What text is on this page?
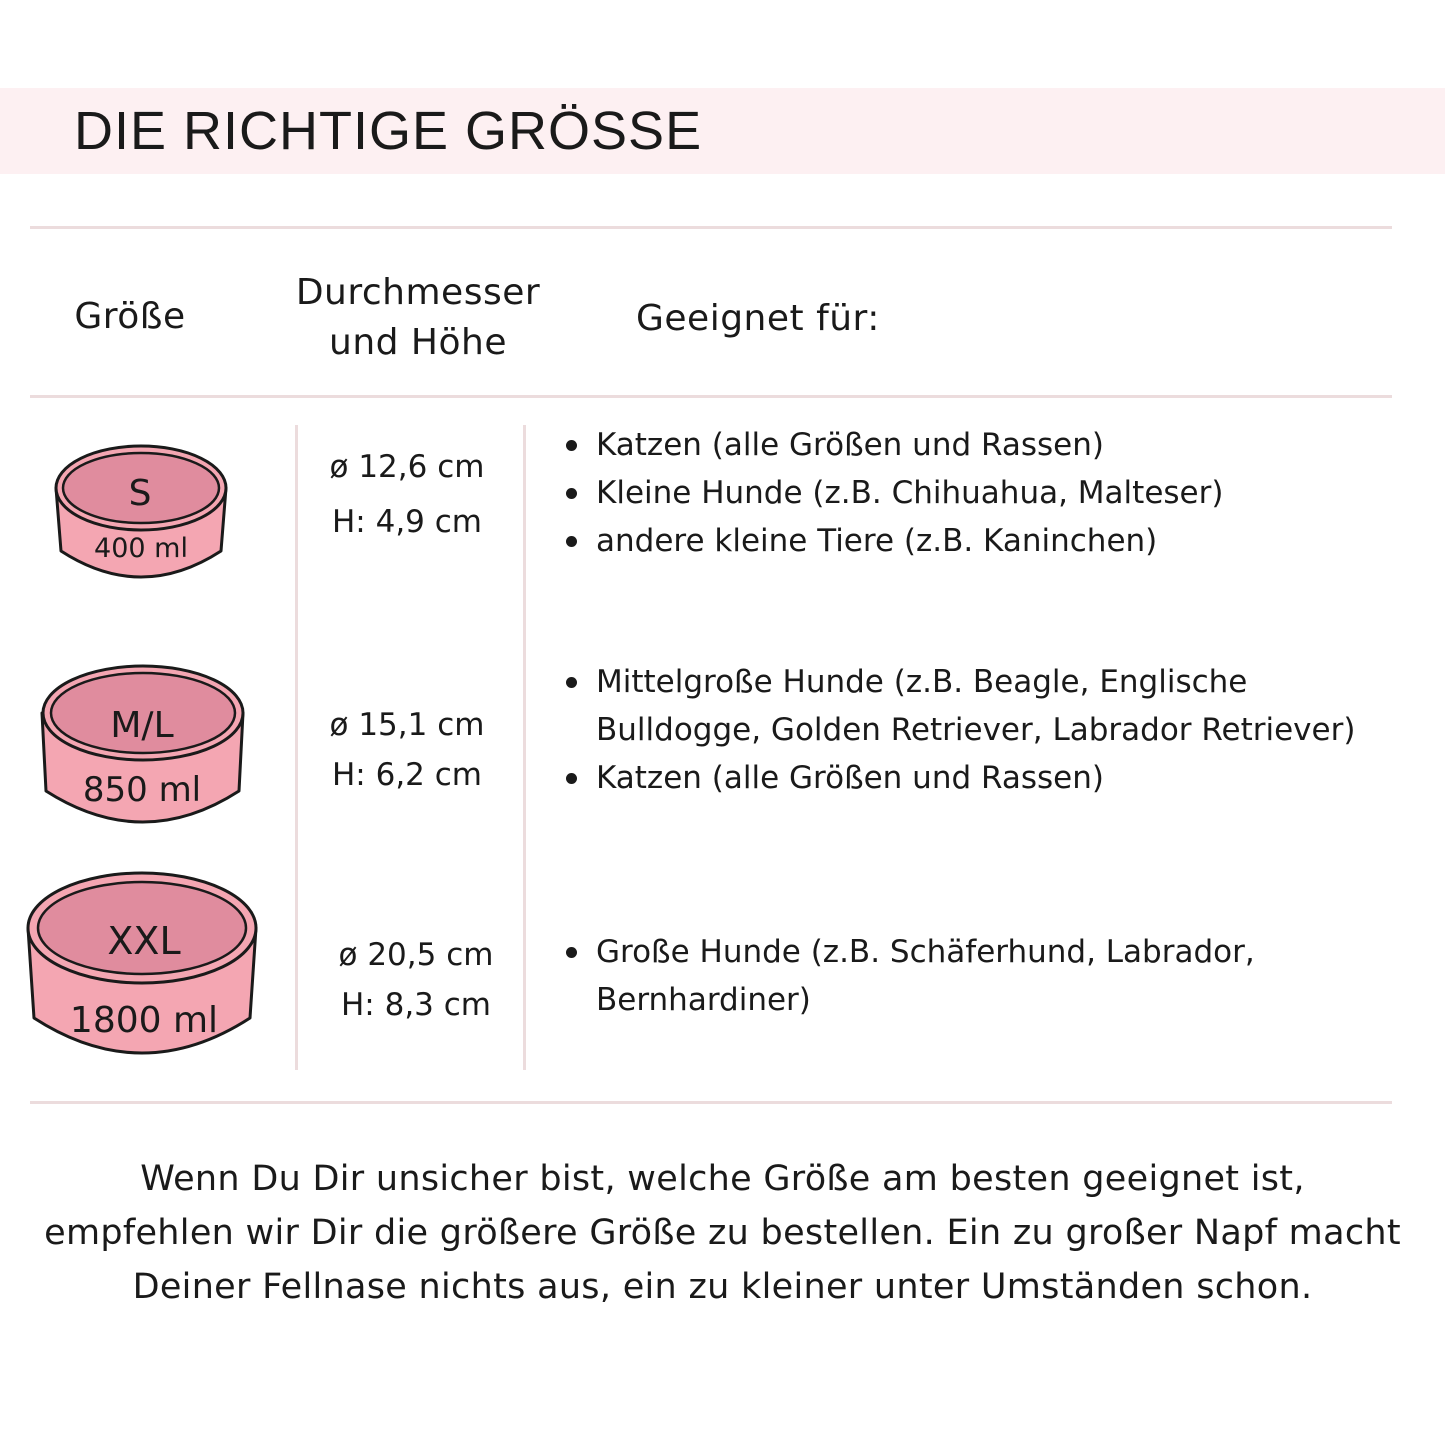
DIE RICHTIGE GRÖSSE
Größe
Durchmesser
und Höhe
Geeignet für:
S
400 ml
M/L
850 ml
XXL
1800 ml
ø 12,6 cm
H: 4,9 cm
ø 15,1 cm
H: 6,2 cm
ø 20,5 cm
H: 8,3 cm
Katzen (alle Größen und Rassen)
Kleine Hunde (z.B. Chihuahua, Malteser)
andere kleine Tiere (z.B. Kaninchen)
Mittelgroße Hunde (z.B. Beagle, Englische Bulldogge, Golden Retriever, Labrador Retriever)
Katzen (alle Größen und Rassen)
Große Hunde (z.B. Schäferhund, Labrador, Bernhardiner)
Wenn Du Dir unsicher bist, welche Größe am besten geeignet ist, empfehlen wir Dir die größere Größe zu bestellen. Ein zu großer Napf macht Deiner Fellnase nichts aus, ein zu kleiner unter Umständen schon.
